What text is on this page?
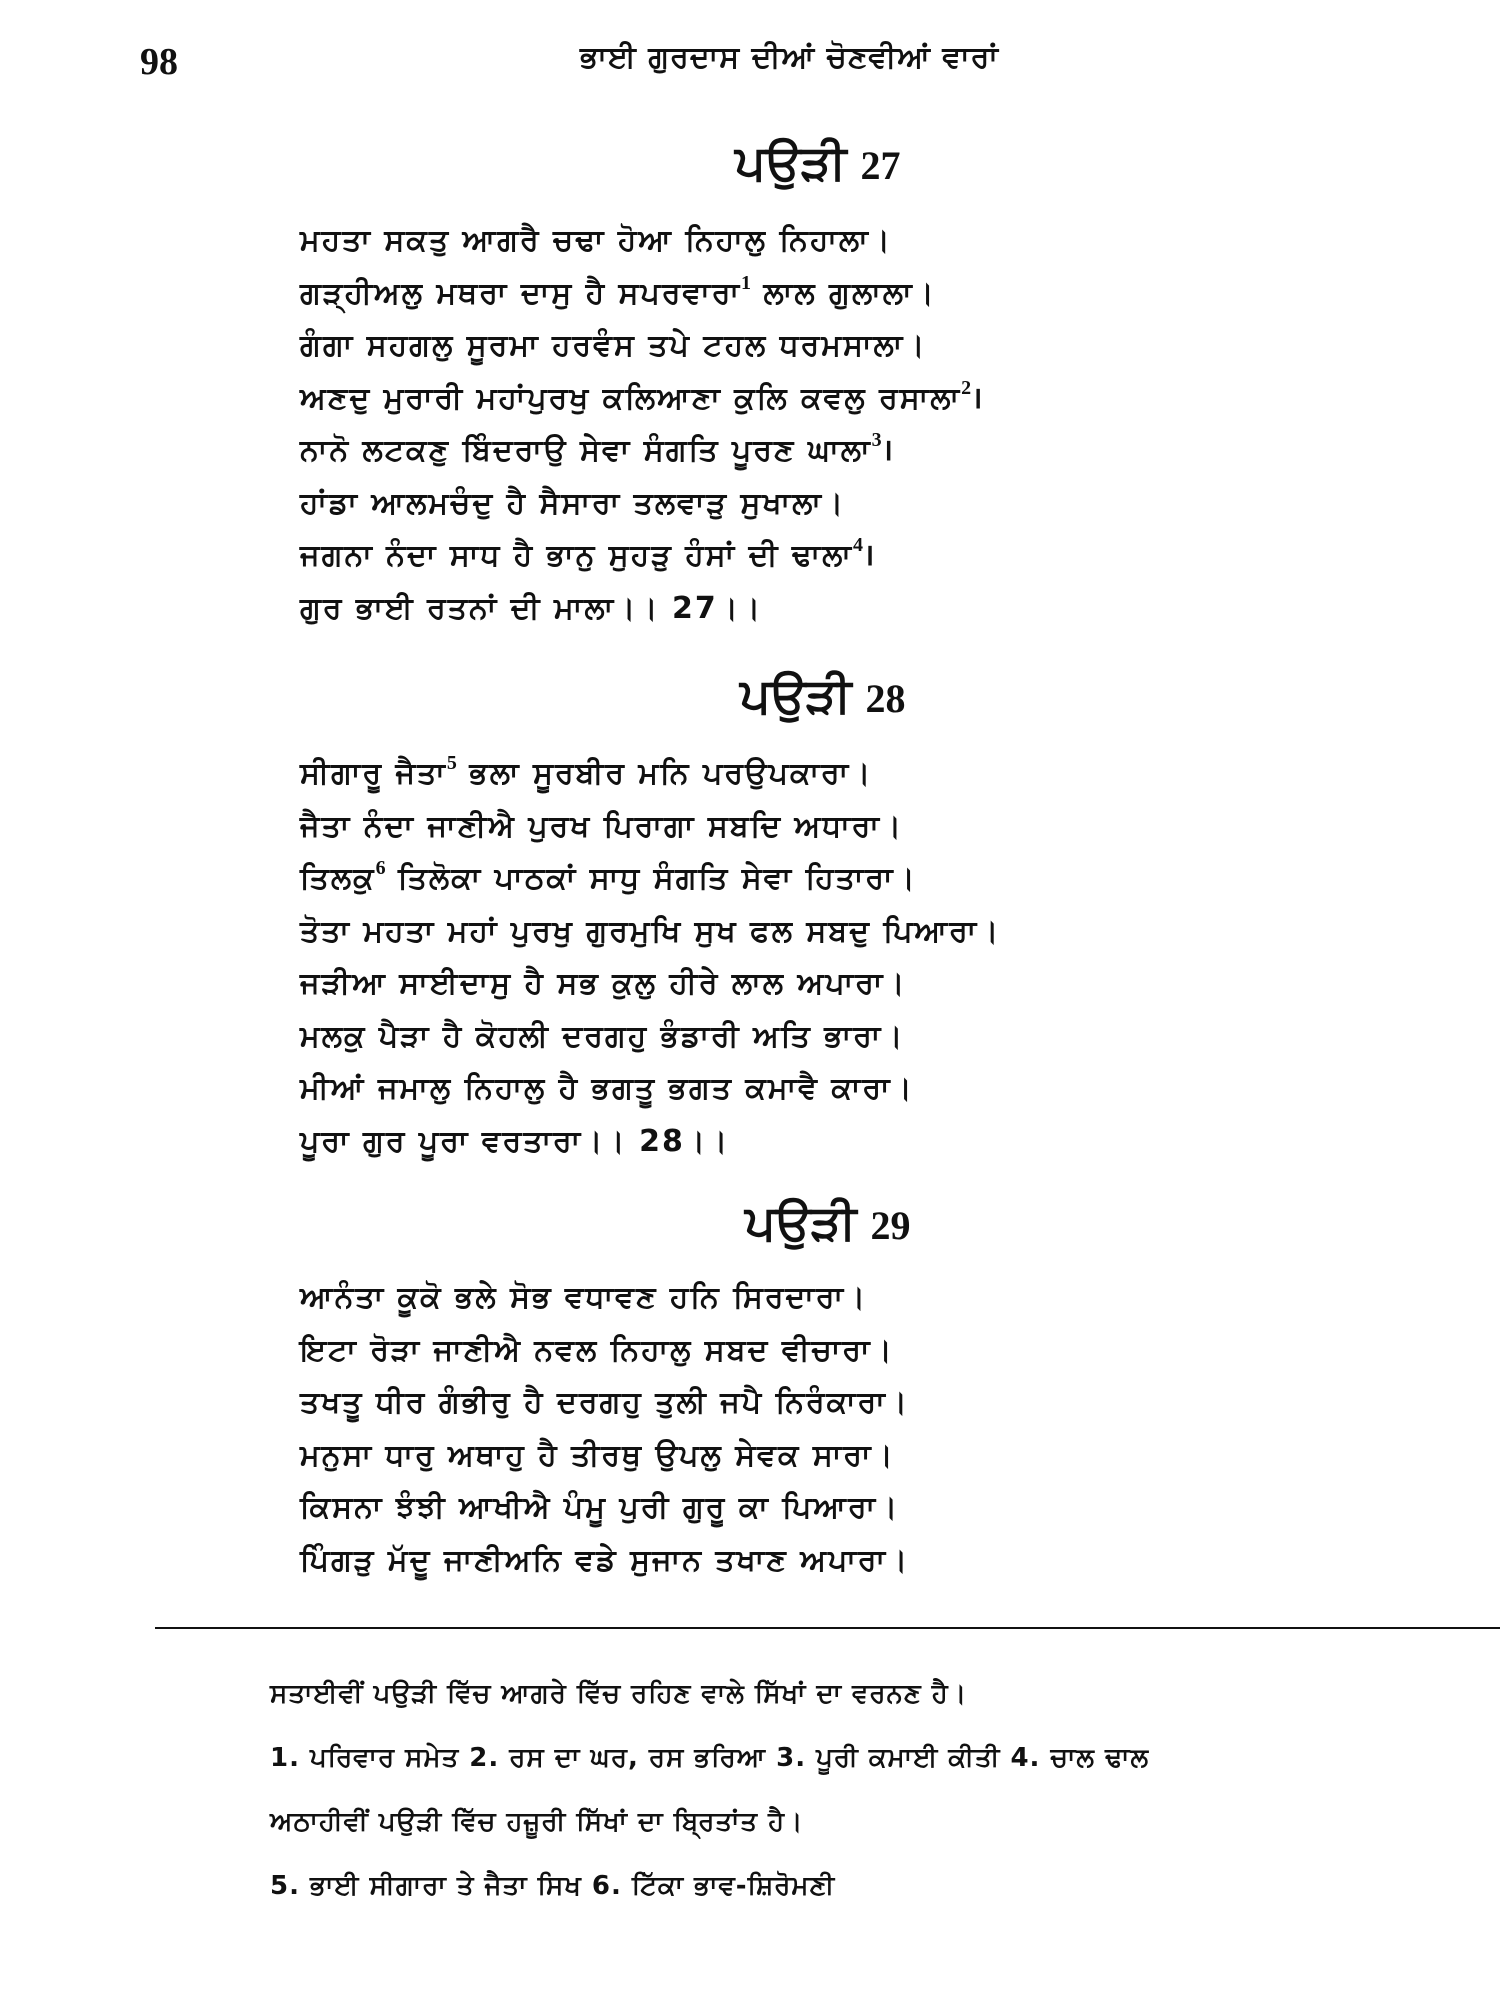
98	ਭਾਈ ਗੁਰਦਾਸ ਦੀਆਂ ਚੋਣਵੀਆਂ ਵਾਰਾਂ
ਪਉੜੀ 27
ਮਹਤਾ ਸਕਤੁ ਆਗਰੈ ਚਢਾ ਹੋਆ ਨਿਹਾਲੁ ਨਿਹਾਲਾ।
ਗੜ੍ਹੀਅਲੁ ਮਥਰਾ ਦਾਸੁ ਹੈ ਸਪਰਵਾਰਾ$^1$ ਲਾਲ ਗੁਲਾਲਾ।
ਗੰਗਾ ਸਹਗਲੁ ਸੂਰਮਾ ਹਰਵੰਸ ਤਪੇ ਟਹਲ ਧਰਮਸਾਲਾ।
ਅਣਦੁ ਮੁਰਾਰੀ ਮਹਾਂਪੁਰਖੁ ਕਲਿਆਣਾ ਕੁਲਿ ਕਵਲੁ ਰਸਾਲਾ$^2$।
ਨਾਨੋ ਲਟਕਣੁ ਬਿੰਦਰਾਉ ਸੇਵਾ ਸੰਗਤਿ ਪੂਰਣ ਘਾਲਾ$^3$।
ਹਾਂਡਾ ਆਲਮਚੰਦੁ ਹੈ ਸੈਸਾਰਾ ਤਲਵਾੜੁ ਸੁਖਾਲਾ।
ਜਗਨਾ ਨੰਦਾ ਸਾਧ ਹੈ ਭਾਨੁ ਸੁਹੜੁ ਹੰਸਾਂ ਦੀ ਢਾਲਾ$^4$।
ਗੁਰ ਭਾਈ ਰਤਨਾਂ ਦੀ ਮਾਲਾ।। 27।।
ਪਉੜੀ 28
ਸੀਗਾਰੂ ਜੈਤਾ$^5$ ਭਲਾ ਸੂਰਬੀਰ ਮਨਿ ਪਰਉਪਕਾਰਾ।
ਜੈਤਾ ਨੰਦਾ ਜਾਣੀਐ ਪੁਰਖ ਪਿਰਾਗਾ ਸਬਦਿ ਅਧਾਰਾ।
ਤਿਲਕੁ$^6$ ਤਿਲੋਕਾ ਪਾਠਕਾਂ ਸਾਧੁ ਸੰਗਤਿ ਸੇਵਾ ਹਿਤਾਰਾ।
ਤੋਤਾ ਮਹਤਾ ਮਹਾਂ ਪੁਰਖੁ ਗੁਰਮੁਖਿ ਸੁਖ ਫਲ ਸਬਦੁ ਪਿਆਰਾ।
ਜੜੀਆ ਸਾਈਦਾਸੁ ਹੈ ਸਭ ਕੁਲੁ ਹੀਰੇ ਲਾਲ ਅਪਾਰਾ।
ਮਲਕੁ ਪੈੜਾ ਹੈ ਕੋਹਲੀ ਦਰਗਹੁ ਭੰਡਾਰੀ ਅਤਿ ਭਾਰਾ।
ਮੀਆਂ ਜਮਾਲੁ ਨਿਹਾਲੁ ਹੈ ਭਗਤੂ ਭਗਤ ਕਮਾਵੈ ਕਾਰਾ।
ਪੂਰਾ ਗੁਰ ਪੂਰਾ ਵਰਤਾਰਾ।। 28।।
ਪਉੜੀ 29
ਆਨੰਤਾ ਕੂਕੋ ਭਲੇ ਸੋਭ ਵਧਾਵਣ ਹਨਿ ਸਿਰਦਾਰਾ।
ਇਟਾ ਰੋੜਾ ਜਾਣੀਐ ਨਵਲ ਨਿਹਾਲੁ ਸਬਦ ਵੀਚਾਰਾ।
ਤਖਤੂ ਧੀਰ ਗੰਭੀਰੁ ਹੈ ਦਰਗਹੁ ਤੁਲੀ ਜਪੈ ਨਿਰੰਕਾਰਾ।
ਮਨੁਸਾ ਧਾਰੁ ਅਥਾਹੁ ਹੈ ਤੀਰਥੁ ਉਪਲੁ ਸੇਵਕ ਸਾਰਾ।
ਕਿਸਨਾ ਝੰਝੀ ਆਖੀਐ ਪੰਮੂ ਪੁਰੀ ਗੁਰੂ ਕਾ ਪਿਆਰਾ।
ਪਿੰਗੜੁ ਮੱਦੂ ਜਾਣੀਅਨਿ ਵਡੇ ਸੁਜਾਨ ਤਖਾਣ ਅਪਾਰਾ।
ਸਤਾਈਵੀਂ ਪਉੜੀ ਵਿੱਚ ਆਗਰੇ ਵਿੱਚ ਰਹਿਣ ਵਾਲੇ ਸਿੱਖਾਂ ਦਾ ਵਰਨਣ ਹੈ।
1. ਪਰਿਵਾਰ ਸਮੇਤ 2. ਰਸ ਦਾ ਘਰ, ਰਸ ਭਰਿਆ 3. ਪੂਰੀ ਕਮਾਈ ਕੀਤੀ 4. ਚਾਲ ਢਾਲ
ਅਠਾਹੀਵੀਂ ਪਉੜੀ ਵਿੱਚ ਹਜ਼ੂਰੀ ਸਿੱਖਾਂ ਦਾ ਬ੍ਰਿਤਾਂਤ ਹੈ।
5. ਭਾਈ ਸੀਗਾਰਾ ਤੇ ਜੈਤਾ ਸਿਖ 6. ਟਿੱਕਾ ਭਾਵ-ਸ਼ਿਰੋਮਣੀ
